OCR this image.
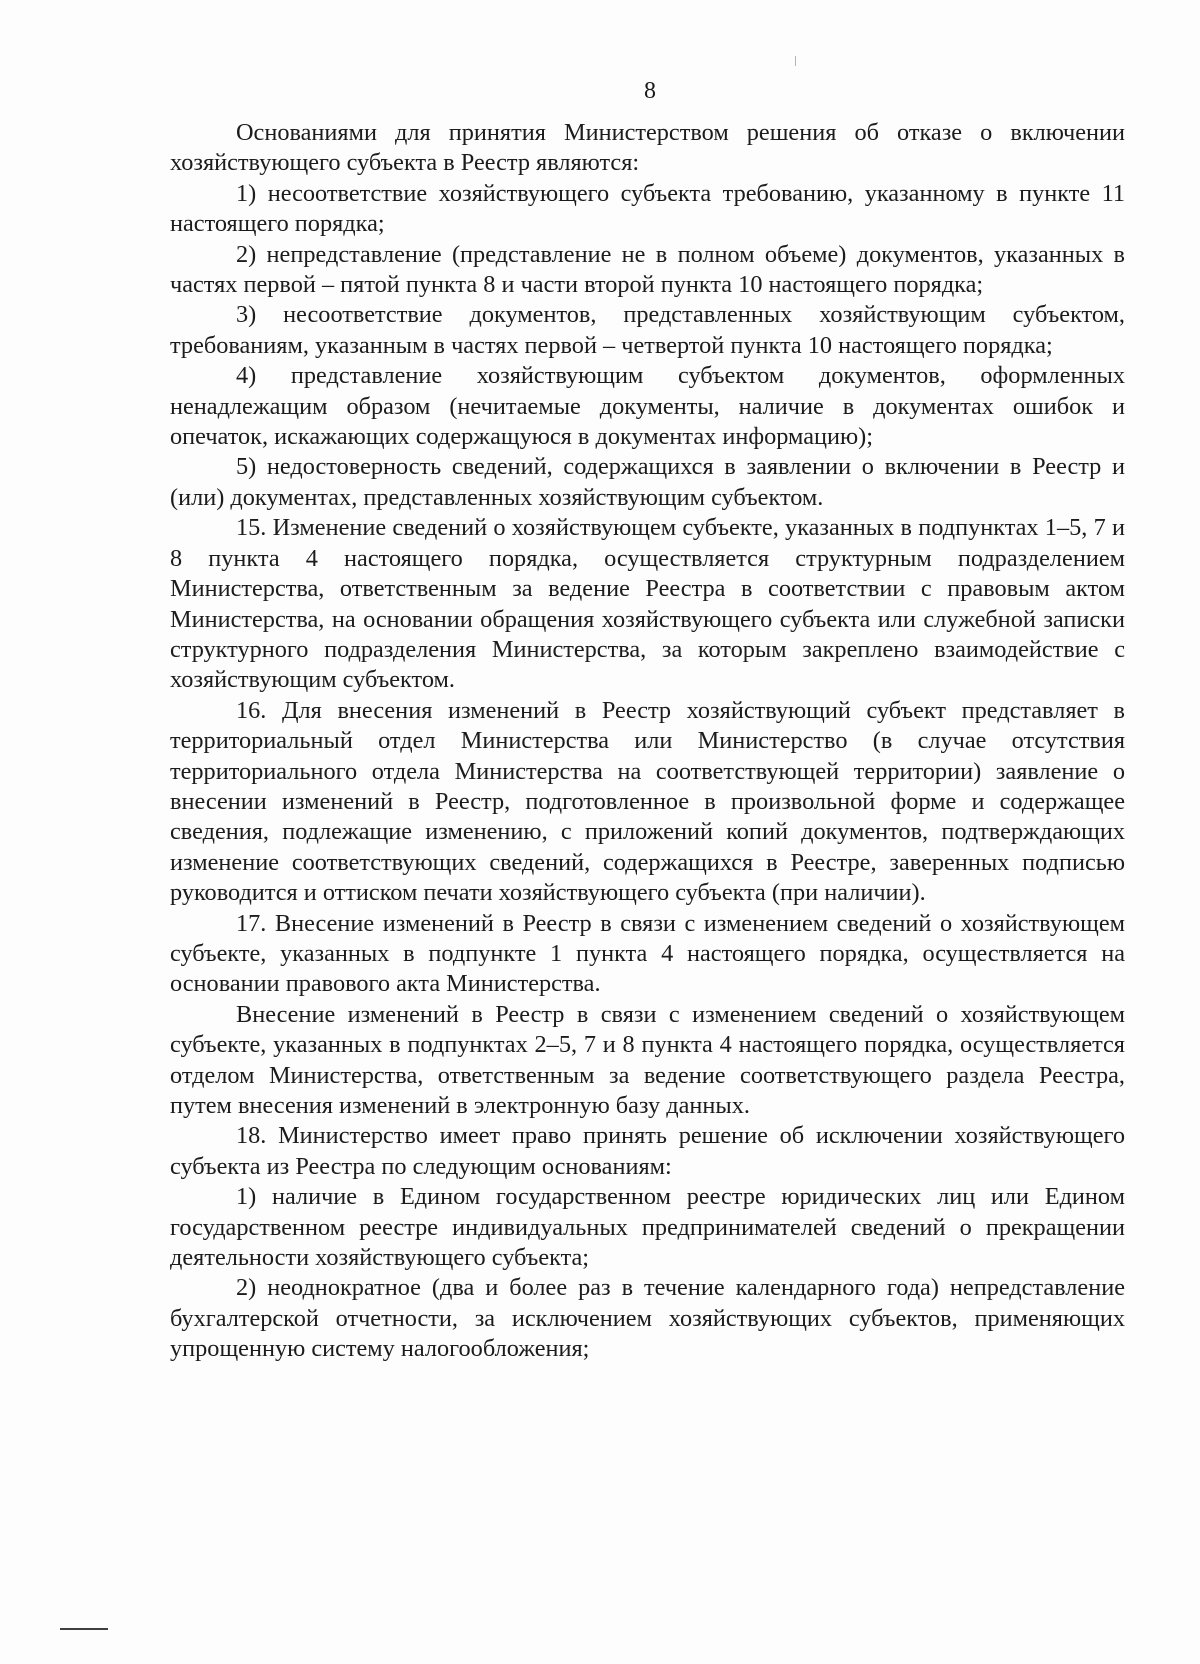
8

Основаниями для принятия Министерством решения об отказе о включении хозяйствующего субъекта в Реестр являются:

1) несоответствие хозяйствующего субъекта требованию, указанному в пункте 11 настоящего порядка;

2) непредставление (представление не в полном объеме) документов, указанных в частях первой – пятой пункта 8 и части второй пункта 10 настоящего порядка;

3) несоответствие документов, представленных хозяйствующим субъектом, требованиям, указанным в частях первой – четвертой пункта 10 настоящего порядка;

4) представление хозяйствующим субъектом документов, оформленных ненадлежащим образом (нечитаемые документы, наличие в документах ошибок и опечаток, искажающих содержащуюся в документах информацию);

5) недостоверность сведений, содержащихся в заявлении о включении в Реестр и (или) документах, представленных хозяйствующим субъектом.

15. Изменение сведений о хозяйствующем субъекте, указанных в подпунктах 1–5, 7 и 8 пункта 4 настоящего порядка, осуществляется структурным подразделением Министерства, ответственным за ведение Реестра в соответствии с правовым актом Министерства, на основании обращения хозяйствующего субъекта или служебной записки структурного подразделения Министерства, за которым закреплено взаимодействие с хозяйствующим субъектом.

16. Для внесения изменений в Реестр хозяйствующий субъект представляет в территориальный отдел Министерства или Министерство (в случае отсутствия территориального отдела Министерства на соответствующей территории) заявление о внесении изменений в Реестр, подготовленное в произвольной форме и содержащее сведения, подлежащие изменению, с приложений копий документов, подтверждающих изменение соответствующих сведений, содержащихся в Реестре, заверенных подписью руководится и оттиском печати хозяйствующего субъекта (при наличии).

17. Внесение изменений в Реестр в связи с изменением сведений о хозяйствующем субъекте, указанных в подпункте 1 пункта 4 настоящего порядка, осуществляется на основании правового акта Министерства.

Внесение изменений в Реестр в связи с изменением сведений о хозяйствующем субъекте, указанных в подпунктах 2–5, 7 и 8 пункта 4 настоящего порядка, осуществляется отделом Министерства, ответственным за ведение соответствующего раздела Реестра, путем внесения изменений в электронную базу данных.

18. Министерство имеет право принять решение об исключении хозяйствующего субъекта из Реестра по следующим основаниям:

1) наличие в Едином государственном реестре юридических лиц или Едином государственном реестре индивидуальных предпринимателей сведений о прекращении деятельности хозяйствующего субъекта;

2) неоднократное (два и более раз в течение календарного года) непредставление бухгалтерской отчетности, за исключением хозяйствующих субъектов, применяющих упрощенную систему налогообложения;
